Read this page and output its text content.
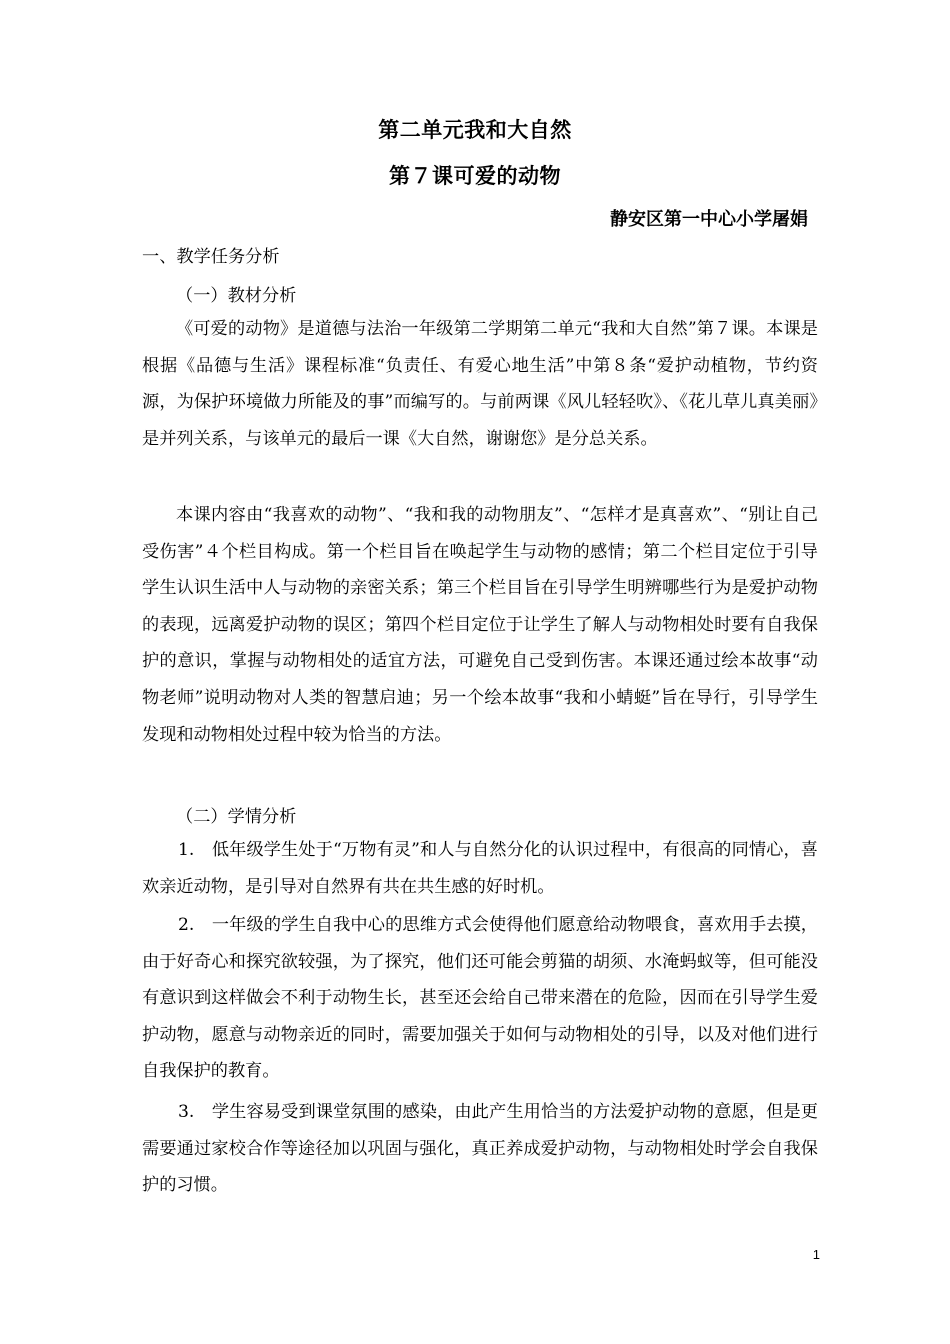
第二单元我和大自然
第７课可爱的动物
静安区第一中心小学屠娟
一、教学任务分析
（一）教材分析
《可爱的动物》是道德与法治一年级第二学期第二单元“我和大自然”第７课。本课是根据《品德与生活》课程标准“负责任、有爱心地生活”中第８条“爱护动植物，节约资源，为保护环境做力所能及的事”而编写的。与前两课《风儿轻轻吹》、《花儿草儿真美丽》是并列关系，与该单元的最后一课《大自然，谢谢您》是分总关系。
本课内容由“我喜欢的动物”、“我和我的动物朋友”、“怎样才是真喜欢”、“别让自己受伤害”４个栏目构成。第一个栏目旨在唤起学生与动物的感情；第二个栏目定位于引导学生认识生活中人与动物的亲密关系；第三个栏目旨在引导学生明辨哪些行为是爱护动物的表现，远离爱护动物的误区；第四个栏目定位于让学生了解人与动物相处时要有自我保护的意识，掌握与动物相处的适宜方法，可避免自己受到伤害。本课还通过绘本故事“动物老师”说明动物对人类的智慧启迪；另一个绘本故事“我和小蜻蜓”旨在导行，引导学生发现和动物相处过程中较为恰当的方法。
（二）学情分析
1.　低年级学生处于“万物有灵”和人与自然分化的认识过程中，有很高的同情心，喜欢亲近动物，是引导对自然界有共在共生感的好时机。
2.　一年级的学生自我中心的思维方式会使得他们愿意给动物喂食，喜欢用手去摸，由于好奇心和探究欲较强，为了探究，他们还可能会剪猫的胡须、水淹蚂蚁等，但可能没有意识到这样做会不利于动物生长，甚至还会给自己带来潜在的危险，因而在引导学生爱护动物，愿意与动物亲近的同时，需要加强关于如何与动物相处的引导，以及对他们进行自我保护的教育。
3.　学生容易受到课堂氛围的感染，由此产生用恰当的方法爱护动物的意愿，但是更需要通过家校合作等途径加以巩固与强化，真正养成爱护动物，与动物相处时学会自我保护的习惯。
1
